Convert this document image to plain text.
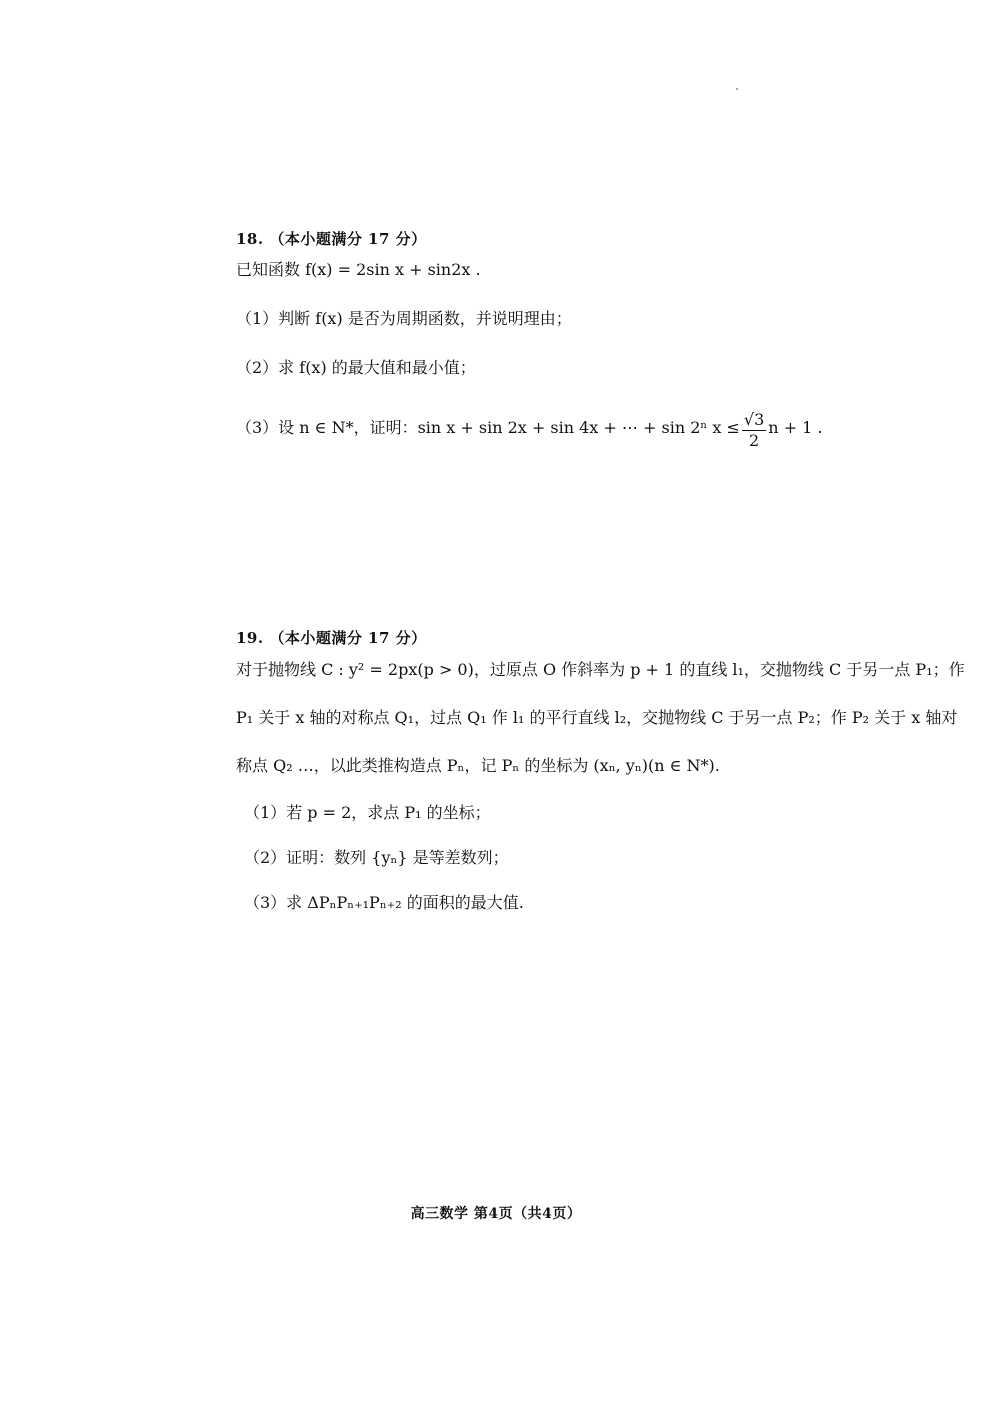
18. （本小题满分 17 分）
已知函数 f(x) = 2sin x + sin2x .
（1）判断 f(x) 是否为周期函数，并说明理由；
（2）求 f(x) 的最大值和最小值；
（3）设 n ∈ N*，证明：sin x + sin 2x + sin 4x + ⋯ + sin 2ⁿ $x \le \frac{√3}{2}$ n + 1 .
19. （本小题满分 17 分）
对于抛物线 C : y² = 2px(p > 0)，过原点 O 作斜率为 p + 1 的直线 l₁，交抛物线 C 于另一点 P₁；作
P₁ 关于 x 轴的对称点 Q₁，过点 Q₁ 作 l₁ 的平行直线 l₂，交抛物线 C 于另一点 P₂；作 P₂ 关于 x 轴对
称点 Q₂ …，以此类推构造点 Pₙ，记 Pₙ 的坐标为 (xₙ, yₙ)(n ∈ N*).
（1）若 p = 2，求点 P₁ 的坐标；
（2）证明：数列 {yₙ} 是等差数列；
（3）求 ΔPₙPₙ₊₁Pₙ₊₂ 的面积的最大值.
高三数学 第4页（共4页）
